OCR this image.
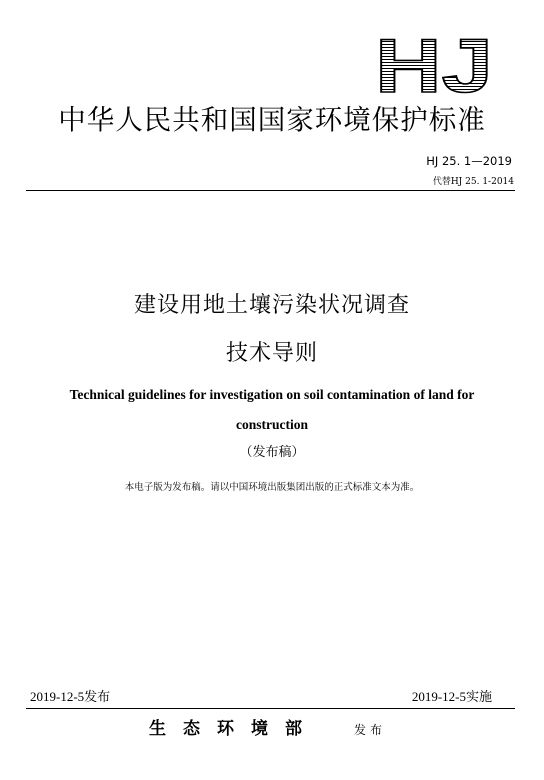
HJ
中华人民共和国国家环境保护标准
HJ 25. 1—2019
代替HJ 25. 1-2014
建设用地土壤污染状况调查
技术导则
Technical guidelines for investigation on soil contamination of land for
construction
（发布稿）
本电子版为发布稿。请以中国环境出版集团出版的正式标准文本为准。
2019-12-5发布	2019-12-5实施
生态环境部	发布
